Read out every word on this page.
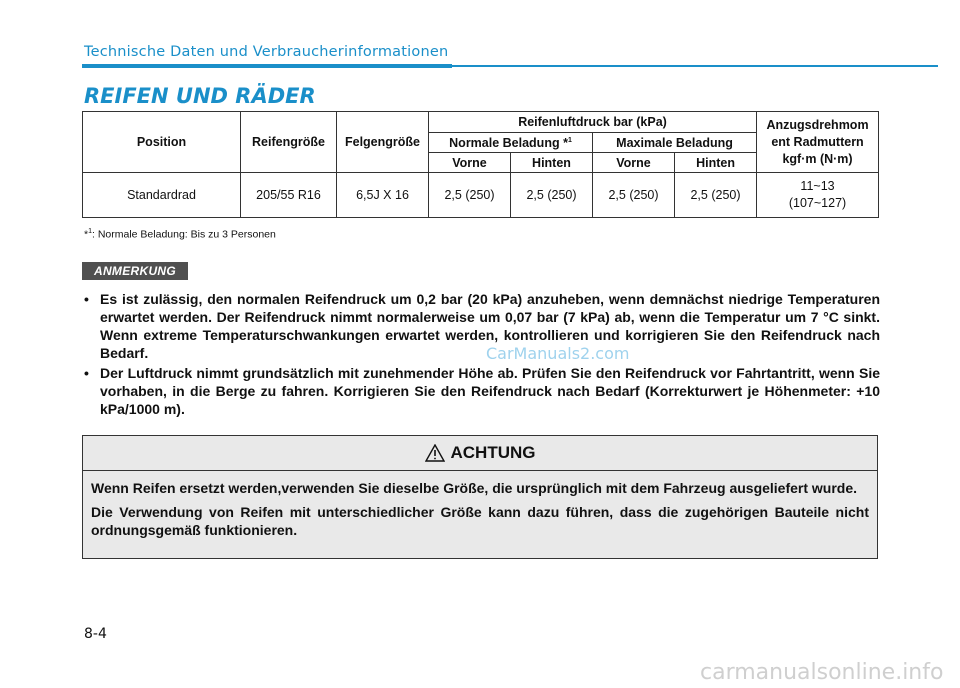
Technische Daten und Verbraucherinformationen
REIFEN UND RÄDER
Position	Reifengröße	Felgengröße	Reifenluftdruck bar (kPa)				Anzugsdrehmom
ent Radmuttern
kgf·m (N·m)
			Normale Beladung *$^1$		Maximale Beladung		
			Vorne	Hinten	Vorne	Hinten	
Standardrad	205/55 R16	6,5J X 16	2,5 (250)	2,5 (250)	2,5 (250)	2,5 (250)	11~13
(107~127)
*$^1$: Normale Beladung: Bis zu 3 Personen
ANMERKUNG
• Es ist zulässig, den normalen Reifendruck um 0,2 bar (20 kPa) anzuheben, wenn demnächst niedrige Temperaturen erwartet werden. Der Reifendruck nimmt normalerweise um 0,07 bar (7 kPa) ab, wenn die Temperatur um 7 °C sinkt. Wenn extreme Temperaturschwankungen erwartet werden, kontrollieren und korrigieren Sie den Reifendruck nach Bedarf.
• Der Luftdruck nimmt grundsätzlich mit zunehmender Höhe ab. Prüfen Sie den Reifendruck vor Fahrtantritt, wenn Sie vorhaben, in die Berge zu fahren. Korrigieren Sie den Reifendruck nach Bedarf (Korrekturwert je Höhenmeter: +10 kPa/1000 m).
CarManuals2.com
ACHTUNG

Wenn Reifen ersetzt werden,verwenden Sie dieselbe Größe, die ursprünglich mit dem Fahrzeug ausgeliefert wurde.

Die Verwendung von Reifen mit unterschiedlicher Größe kann dazu führen, dass die zugehörigen Bauteile nicht ordnungsgemäß funktionieren.

8-4
carmanualsonline.info
